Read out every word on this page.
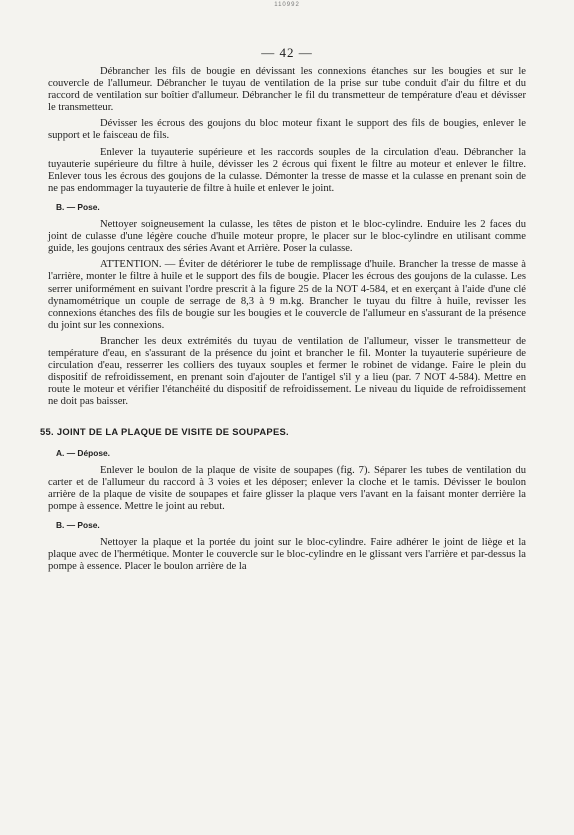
110992
— 42 —

Débrancher les fils de bougie en dévissant les connexions étanches sur les bougies et sur le couvercle de l'allumeur. Débrancher le tuyau de ventilation de la prise sur tube conduit d'air du filtre et du raccord de ventilation sur boîtier d'allumeur. Débrancher le fil du transmetteur de température d'eau et dévisser le transmetteur.

Dévisser les écrous des goujons du bloc moteur fixant le support des fils de bougies, enlever le support et le faisceau de fils.

Enlever la tuyauterie supérieure et les raccords souples de la circulation d'eau. Débrancher la tuyauterie supérieure du filtre à huile, dévisser les 2 écrous qui fixent le filtre au moteur et enlever le filtre. Enlever tous les écrous des goujons de la culasse. Démonter la tresse de masse et la culasse en prenant soin de ne pas endommager la tuyauterie de filtre à huile et enlever le joint.

B. — Pose.

Nettoyer soigneusement la culasse, les têtes de piston et le bloc-cylindre. Enduire les 2 faces du joint de culasse d'une légère couche d'huile moteur propre, le placer sur le bloc-cylindre en utilisant comme guide, les goujons centraux des séries Avant et Arrière. Poser la culasse.

ATTENTION. — Éviter de détériorer le tube de remplissage d'huile. Brancher la tresse de masse à l'arrière, monter le filtre à huile et le support des fils de bougie. Placer les écrous des goujons de la culasse. Les serrer uniformément en suivant l'ordre prescrit à la figure 25 de la NOT 4-584, et en exerçant à l'aide d'une clé dynamométrique un couple de serrage de 8,3 à 9 m.kg. Brancher le tuyau du filtre à huile, revisser les connexions étanches des fils de bougie sur les bougies et le couvercle de l'allumeur en s'assurant de la présence du joint sur les connexions.

Brancher les deux extrémités du tuyau de ventilation de l'allumeur, visser le transmetteur de température d'eau, en s'assurant de la présence du joint et brancher le fil. Monter la tuyauterie supérieure de circulation d'eau, resserrer les colliers des tuyaux souples et fermer le robinet de vidange. Faire le plein du dispositif de refroidissement, en prenant soin d'ajouter de l'antigel s'il y a lieu (par. 7 NOT 4-584). Mettre en route le moteur et vérifier l'étanchéité du dispositif de refroidissement. Le niveau du liquide de refroidissement ne doit pas baisser.

55. JOINT DE LA PLAQUE DE VISITE DE SOUPAPES.
A. — Dépose.

Enlever le boulon de la plaque de visite de soupapes (fig. 7). Séparer les tubes de ventilation du carter et de l'allumeur du raccord à 3 voies et les déposer; enlever la cloche et le tamis. Dévisser le boulon arrière de la plaque de visite de soupapes et faire glisser la plaque vers l'avant en la faisant monter derrière la pompe à essence. Mettre le joint au rebut.

B. — Pose.

Nettoyer la plaque et la portée du joint sur le bloc-cylindre. Faire adhérer le joint de liège et la plaque avec de l'hermétique. Monter le couvercle sur le bloc-cylindre en le glissant vers l'arrière et par-dessus la pompe à essence. Placer le boulon arrière de la
